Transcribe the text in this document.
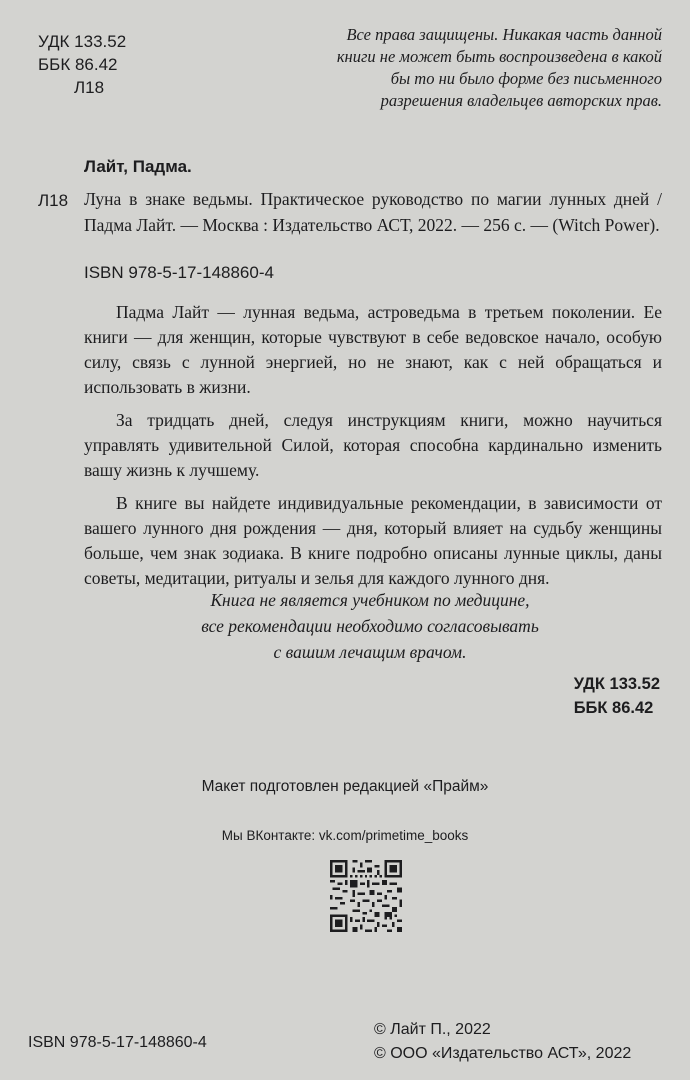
УДК 133.52
ББК 86.42
Л18
Все права защищены. Никакая часть данной
книги не может быть воспроизведена в какой
бы то ни было форме без письменного
разрешения владельцев авторских прав.
Лайт, Падма.
Л18 Луна в знаке ведьмы. Практическое руководство по магии лунных дней / Падма Лайт. — Москва : Издательство АСТ, 2022. — 256 с. — (Witch Power).
ISBN 978-5-17-148860-4

Падма Лайт — лунная ведьма, астроведьма в третьем поколении. Ее книги — для женщин, которые чувствуют в себе ведовское начало, особую силу, связь с лунной энергией, но не знают, как с ней обращаться и использовать в жизни.

За тридцать дней, следуя инструкциям книги, можно научиться управлять удивительной Силой, которая способна кардинально изменить вашу жизнь к лучшему.

В книге вы найдете индивидуальные рекомендации, в зависимости от вашего лунного дня рождения — дня, который влияет на судьбу женщины больше, чем знак зодиака. В книге подробно описаны лунные циклы, даны советы, медитации, ритуалы и зелья для каждого лунного дня.

Книга не является учебником по медицине,
все рекомендации необходимо согласовывать
с вашим лечащим врачом.
УДК 133.52
ББК 86.42
Макет подготовлен редакцией «Прайм»
Мы ВКонтакте: vk.com/primetime_books
ISBN 978-5-17-148860-4
© Лайт П., 2022
© ООО «Издательство АСТ», 2022
